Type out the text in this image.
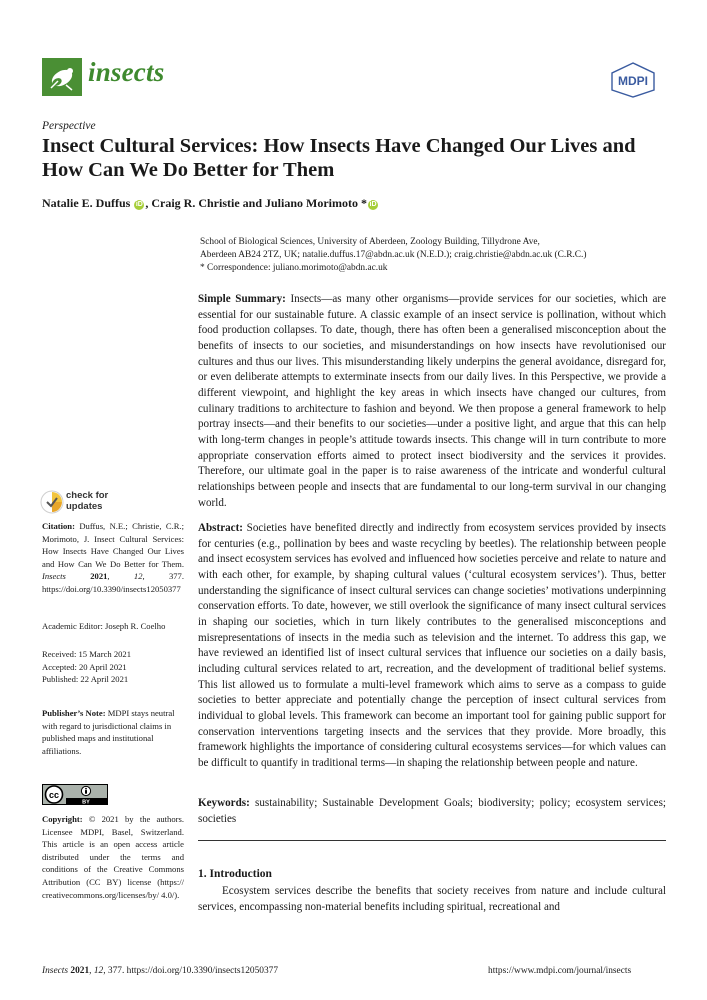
insects	MDPI
Perspective
Insect Cultural Services: How Insects Have Changed Our Lives and How Can We Do Better for Them
Natalie E. Duffus iD , Craig R. Christie and Juliano Morimoto * iD
School of Biological Sciences, University of Aberdeen, Zoology Building, Tillydrone Ave,
Aberdeen AB24 2TZ, UK; natalie.duffus.17@abdn.ac.uk (N.E.D.); craig.christie@abdn.ac.uk (C.R.C.)
* Correspondence: juliano.morimoto@abdn.ac.uk
Simple Summary: Insects—as many other organisms—provide services for our societies, which are essential for our sustainable future. A classic example of an insect service is pollination, without which food production collapses. To date, though, there has often been a generalised misconception about the benefits of insects to our societies, and misunderstandings on how insects have revolutionised our cultures and thus our lives. This misunderstanding likely underpins the general avoidance, disregard for, or even deliberate attempts to exterminate insects from our daily lives. In this Perspective, we provide a different viewpoint, and highlight the key areas in which insects have changed our cultures, from culinary traditions to architecture to fashion and beyond. We then propose a general framework to help portray insects—and their benefits to our societies—under a positive light, and argue that this can help with long-term changes in people’s attitude towards insects. This change will in turn contribute to more appropriate conservation efforts aimed to protect insect biodiversity and the services it provides. Therefore, our ultimate goal in the paper is to raise awareness of the intricate and wonderful cultural relationships between people and insects that are fundamental to our long-term survival in our changing world.
Abstract: Societies have benefited directly and indirectly from ecosystem services provided by insects for centuries (e.g., pollination by bees and waste recycling by beetles). The relationship between people and insect ecosystem services has evolved and influenced how societies perceive and relate to nature and with each other, for example, by shaping cultural values (‘cultural ecosystem services’). Thus, better understanding the significance of insect cultural services can change societies’ motivations underpinning conservation efforts. To date, however, we still overlook the significance of many insect cultural services in shaping our societies, which in turn likely contributes to the generalised misconceptions and misrepresentations of insects in the media such as television and the internet. To address this gap, we have reviewed an identified list of insect cultural services that influence our societies on a daily basis, including cultural services related to art, recreation, and the development of traditional belief systems. This list allowed us to formulate a multi-level framework which aims to serve as a compass to guide societies to better appreciate and potentially change the perception of insect cultural services from individual to global levels. This framework can become an important tool for gaining public support for conservation interventions targeting insects and the services that they provide. More broadly, this framework highlights the importance of considering cultural ecosystems services—for which values can be difficult to quantify in traditional terms—in shaping the relationship between people and nature.
Keywords: sustainability; Sustainable Development Goals; biodiversity; policy; ecosystem services; societies
1. Introduction
Ecosystem services describe the benefits that society receives from nature and include cultural services, encompassing non-material benefits including spiritual, recreational and
check for
updates
Citation: Duffus, N.E.; Christie, C.R.; Morimoto, J. Insect Cultural Services: How Insects Have Changed Our Lives and How Can We Do Better for Them. Insects	2021, 12, 377. https://doi.org/10.3390/insects12050377
Academic Editor: Joseph R. Coelho
Received: 15 March 2021
Accepted: 20 April 2021
Published: 22 April 2021
Publisher’s Note: MDPI stays neutral with regard to jurisdictional claims in published maps and institutional affiliations.
cc
BY
Copyright: © 2021 by the authors. Licensee MDPI, Basel, Switzerland. This article is an open access article distributed under the terms and conditions of the Creative Commons Attribution (CC BY) license (https:// creativecommons.org/licenses/by/ 4.0/).
Insects 2021, 12, 377. https://doi.org/10.3390/insects12050377	https://www.mdpi.com/journal/insects
